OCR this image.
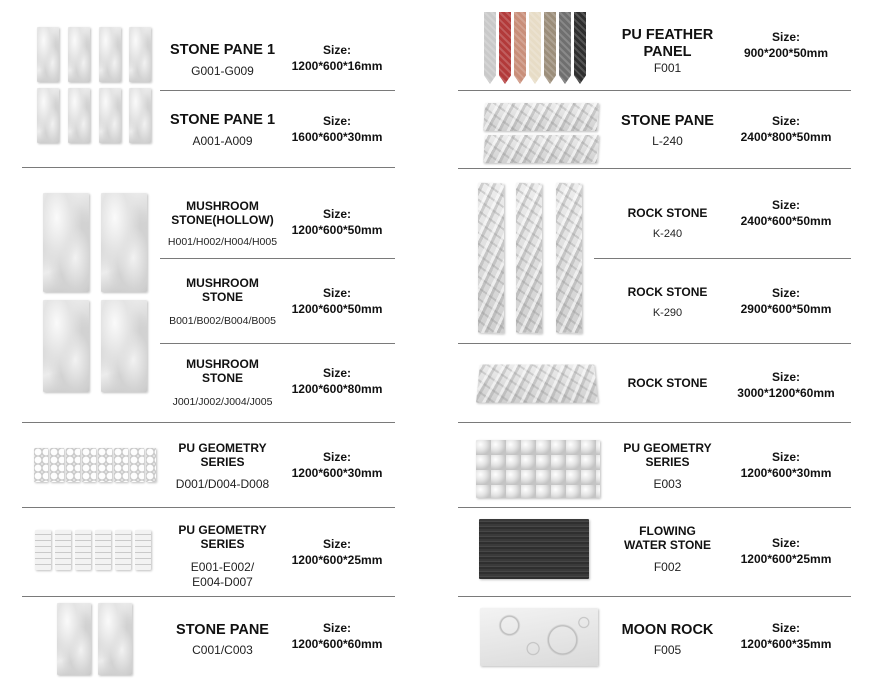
STONE PANE 1
G001-G009
Size:
1200*600*16mm
STONE PANE 1
A001-A009
Size:
1600*600*30mm
MUSHROOM
STONE(HOLLOW)
H001/H002/H004/H005
Size:
1200*600*50mm
MUSHROOM
STONE
B001/B002/B004/B005
Size:
1200*600*50mm
MUSHROOM
STONE
J001/J002/J004/J005
Size:
1200*600*80mm
PU GEOMETRY
SERIES
D001/D004-D008
Size:
1200*600*30mm
PU GEOMETRY
SERIES
E001-E002/
E004-D007
Size:
1200*600*25mm
STONE PANE
C001/C003
Size:
1200*600*60mm
PU FEATHER
PANEL
F001
Size:
900*200*50mm
STONE PANE
L-240
Size:
2400*800*50mm
ROCK STONE
K-240
Size:
2400*600*50mm
ROCK STONE
K-290
Size:
2900*600*50mm
ROCK STONE	Size:
3000*1200*60mm
PU GEOMETRY
SERIES
E003
Size:
1200*600*30mm
FLOWING
WATER STONE
F002
Size:
1200*600*25mm
MOON ROCK
F005
Size:
1200*600*35mm
